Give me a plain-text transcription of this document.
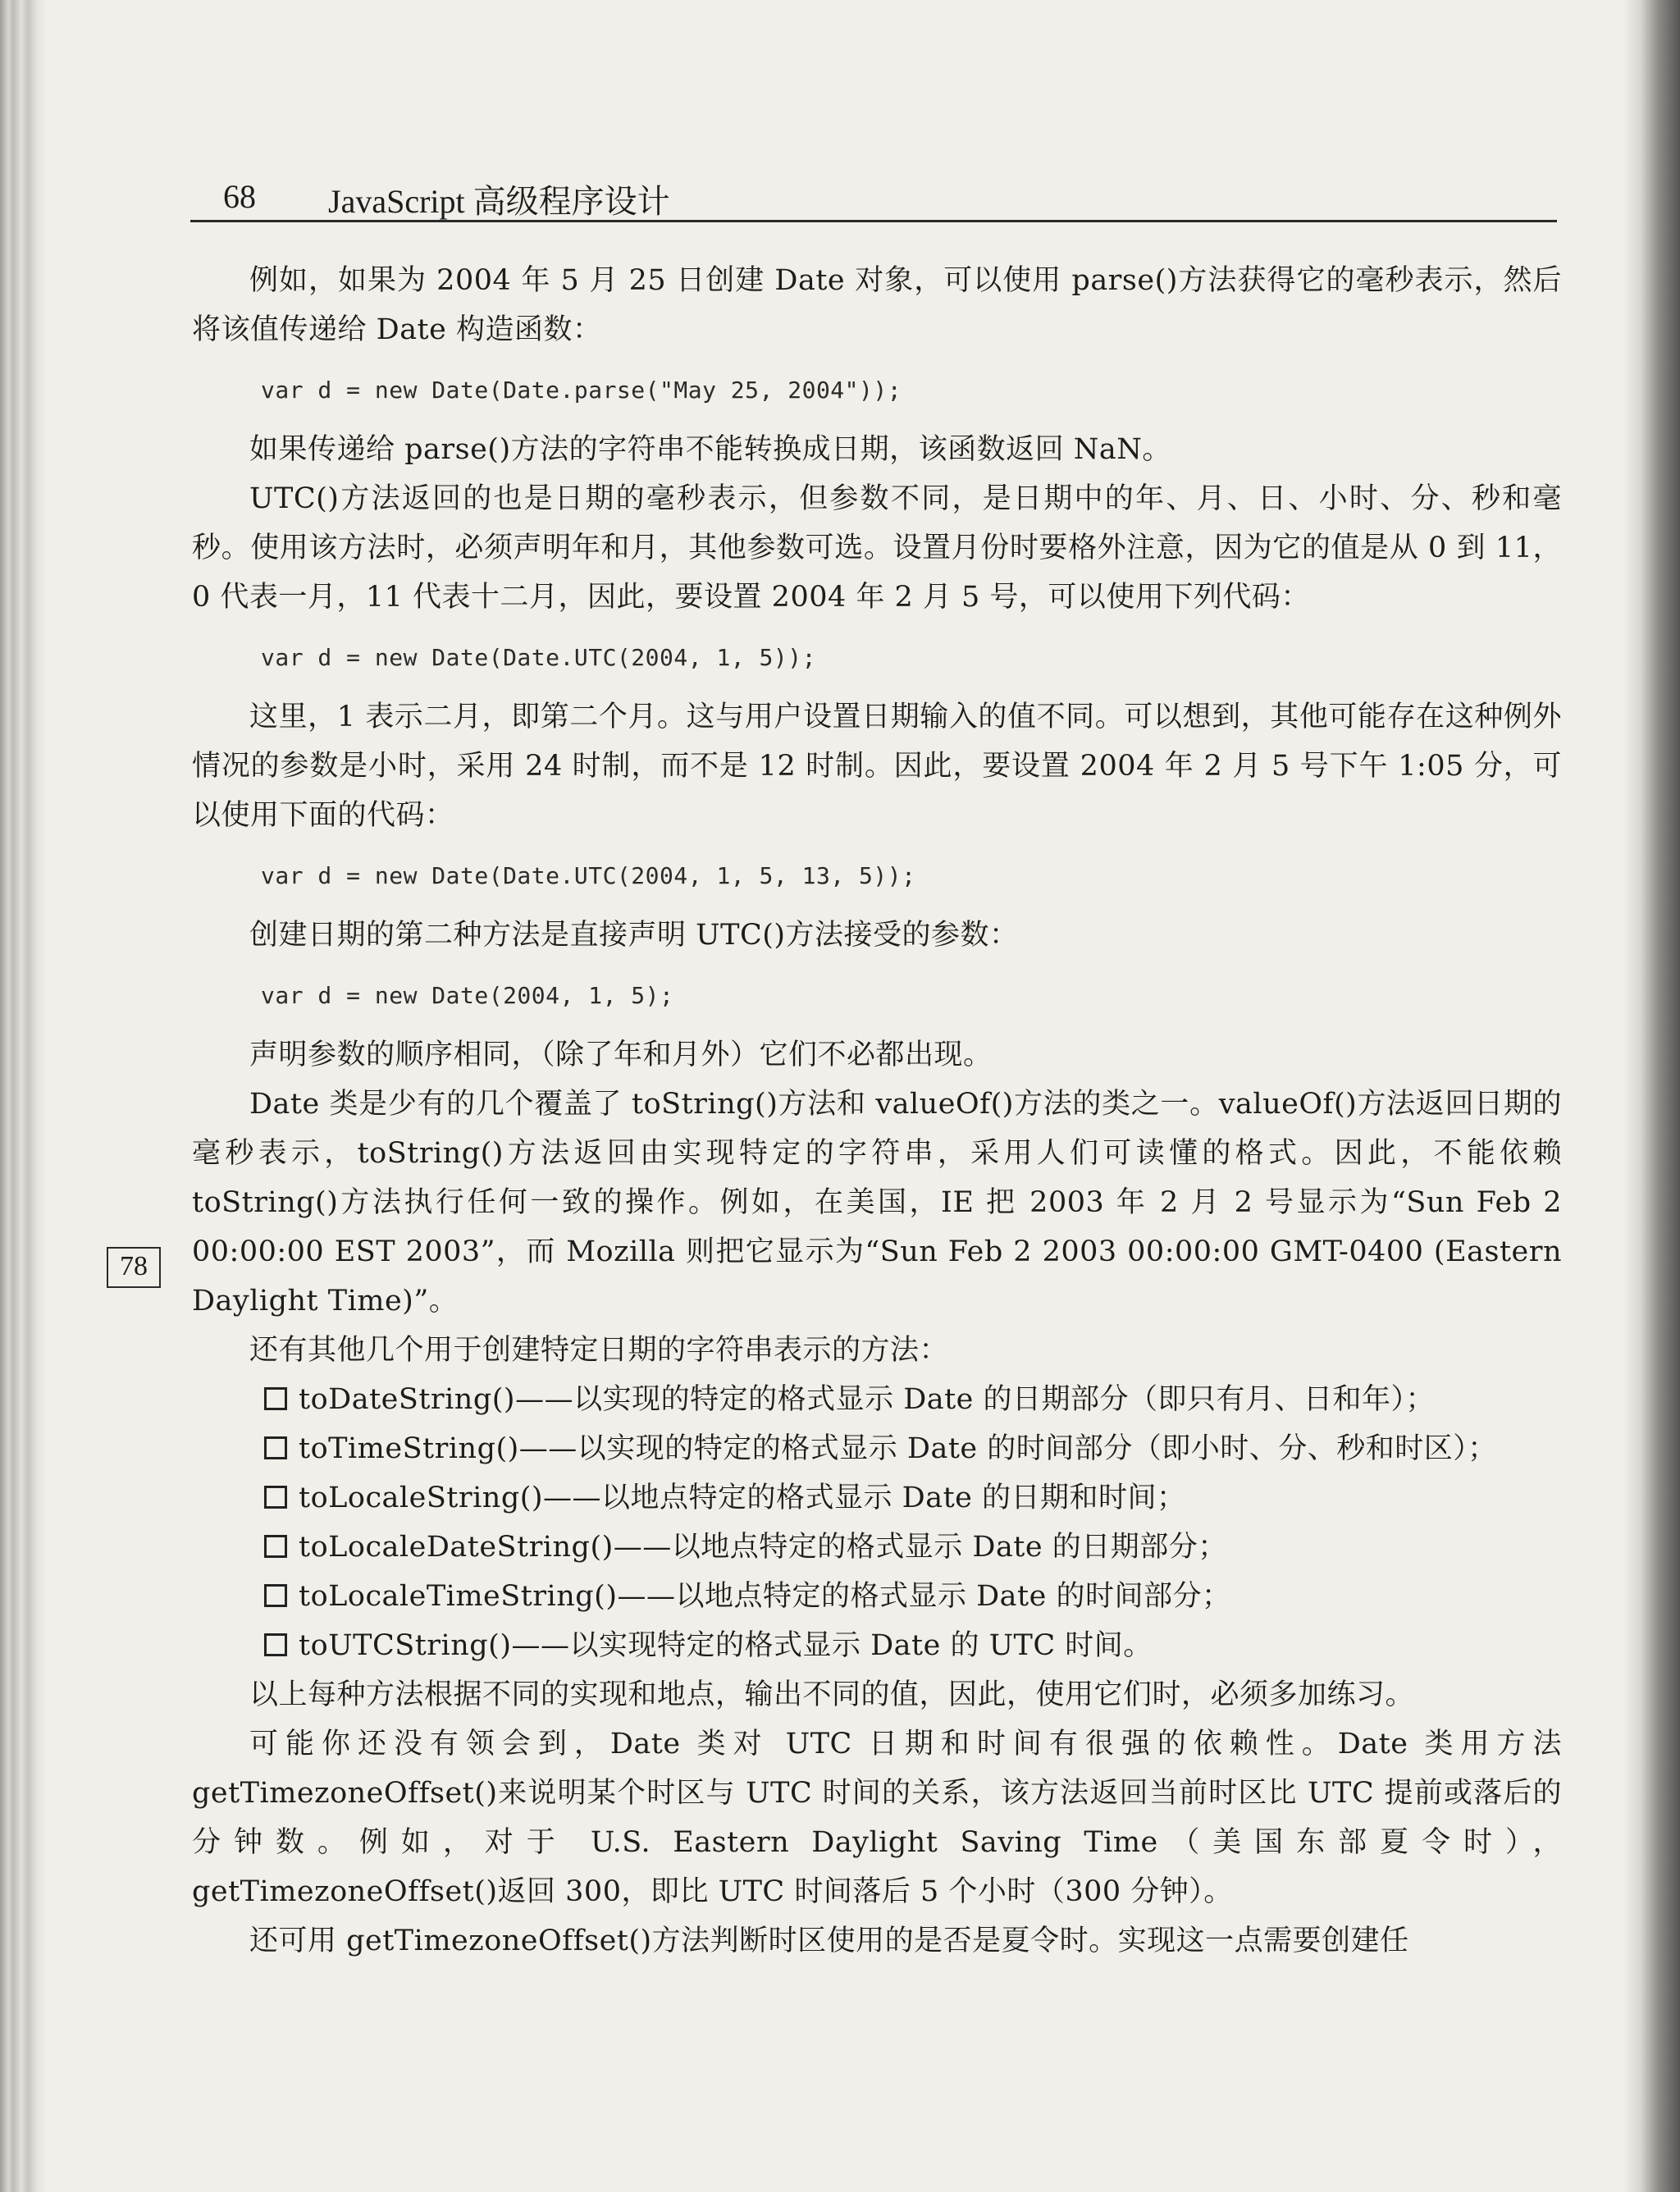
68 JavaScript 高级程序设计
78

例如，如果为 2004 年 5 月 25 日创建 Date 对象，可以使用 parse()方法获得它的毫秒表示，然后将该值传递给 Date 构造函数：

var d = new Date(Date.parse("May 25, 2004"));

如果传递给 parse()方法的字符串不能转换成日期，该函数返回 NaN。

UTC()方法返回的也是日期的毫秒表示，但参数不同，是日期中的年、月、日、小时、分、秒和毫秒。使用该方法时，必须声明年和月，其他参数可选。设置月份时要格外注意，因为它的值是从 0 到 11，0 代表一月，11 代表十二月，因此，要设置 2004 年 2 月 5 号，可以使用下列代码：

var d = new Date(Date.UTC(2004, 1, 5));

这里，1 表示二月，即第二个月。这与用户设置日期输入的值不同。可以想到，其他可能存在这种例外情况的参数是小时，采用 24 时制，而不是 12 时制。因此，要设置 2004 年 2 月 5 号下午 1:05 分，可以使用下面的代码：

var d = new Date(Date.UTC(2004, 1, 5, 13, 5));

创建日期的第二种方法是直接声明 UTC()方法接受的参数：

var d = new Date(2004, 1, 5);

声明参数的顺序相同，（除了年和月外）它们不必都出现。

Date 类是少有的几个覆盖了 toString()方法和 valueOf()方法的类之一。valueOf()方法返回日期的毫秒表示，toString()方法返回由实现特定的字符串，采用人们可读懂的格式。因此，不能依赖 toString()方法执行任何一致的操作。例如，在美国，IE 把 2003 年 2 月 2 号显示为“Sun Feb 2 00:00:00 EST 2003”，而 Mozilla 则把它显示为“Sun Feb 2 2003 00:00:00 GMT-0400 (Eastern Daylight Time)”。

还有其他几个用于创建特定日期的字符串表示的方法：

toDateString()——以实现的特定的格式显示 Date 的日期部分（即只有月、日和年）；
toTimeString()——以实现的特定的格式显示 Date 的时间部分（即小时、分、秒和时区）；
toLocaleString()——以地点特定的格式显示 Date 的日期和时间；
toLocaleDateString()——以地点特定的格式显示 Date 的日期部分；
toLocaleTimeString()——以地点特定的格式显示 Date 的时间部分；
toUTCString()——以实现特定的格式显示 Date 的 UTC 时间。

以上每种方法根据不同的实现和地点，输出不同的值，因此，使用它们时，必须多加练习。

可能你还没有领会到，Date 类对 UTC 日期和时间有很强的依赖性。Date 类用方法 getTimezoneOffset()来说明某个时区与 UTC 时间的关系，该方法返回当前时区比 UTC 提前或落后的分钟数。例如，对于 U.S. Eastern Daylight Saving Time（美国东部夏令时），getTimezoneOffset()返回 300，即比 UTC 时间落后 5 个小时（300 分钟）。

还可用 getTimezoneOffset()方法判断时区使用的是否是夏令时。实现这一点需要创建任
